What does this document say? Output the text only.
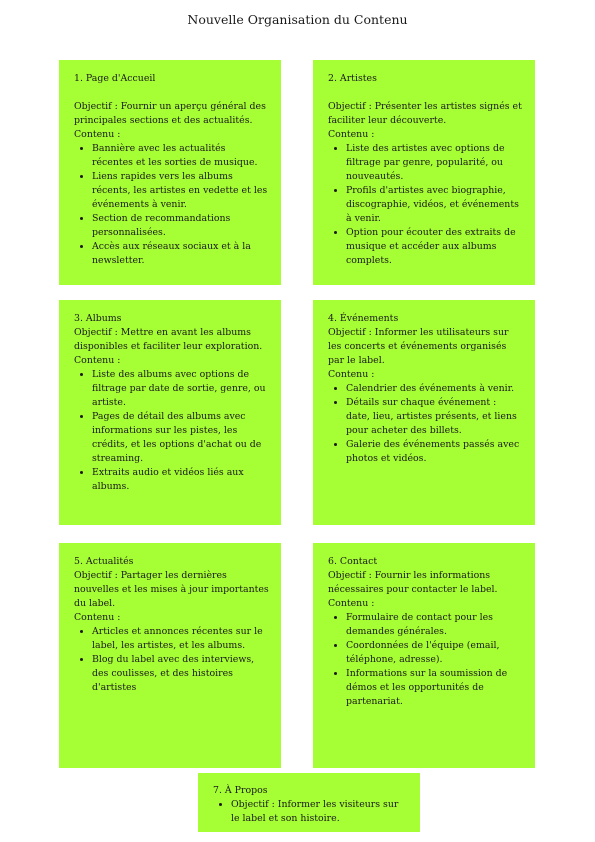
Nouvelle Organisation du Contenu

1. Page d'Accueil

Objectif : Fournir un aperçu général des principales sections et des actualités.

Contenu :

• Bannière avec les actualités récentes et les sorties de musique.
• Liens rapides vers les albums récents, les artistes en vedette et les événements à venir.
• Section de recommandations personnalisées.
• Accès aux réseaux sociaux et à la newsletter.

2. Artistes

Objectif : Présenter les artistes signés et faciliter leur découverte.

Contenu :

• Liste des artistes avec options de filtrage par genre, popularité, ou nouveautés.
• Profils d'artistes avec biographie, discographie, vidéos, et événements à venir.
• Option pour écouter des extraits de musique et accéder aux albums complets.

3. Albums

Objectif : Mettre en avant les albums disponibles et faciliter leur exploration.

Contenu :

• Liste des albums avec options de filtrage par date de sortie, genre, ou artiste.
• Pages de détail des albums avec informations sur les pistes, les crédits, et les options d'achat ou de streaming.
• Extraits audio et vidéos liés aux albums.

4. Événements

Objectif : Informer les utilisateurs sur les concerts et événements organisés par le label.

Contenu :

• Calendrier des événements à venir.
• Détails sur chaque événement : date, lieu, artistes présents, et liens pour acheter des billets.
• Galerie des événements passés avec photos et vidéos.

5. Actualités

Objectif : Partager les dernières nouvelles et les mises à jour importantes du label.

Contenu :

• Articles et annonces récentes sur le label, les artistes, et les albums.
• Blog du label avec des interviews, des coulisses, et des histoires d'artistes

6. Contact

Objectif : Fournir les informations nécessaires pour contacter le label.

Contenu :

• Formulaire de contact pour les demandes générales.
• Coordonnées de l'équipe (email, téléphone, adresse).
• Informations sur la soumission de démos et les opportunités de partenariat.

7. À Propos

• Objectif : Informer les visiteurs sur le label et son histoire.
